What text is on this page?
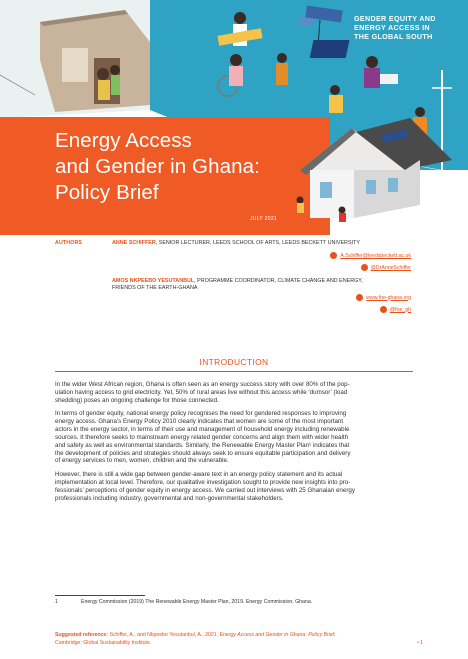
GENDER EQUITY AND
ENERGY ACCESS IN
THE GLOBAL SOUTH
Energy Access
and Gender in Ghana:
Policy Brief
JULY 2021
AUTHORS	ANNE SCHIFFER, SENIOR LECTURER, LEEDS SCHOOL OF ARTS, LEEDS BECKETT UNIVERSITY
A.Schiffer@leedsbeckett.ac.uk
@DrAnneSchiffer
AMOS NKPEEBO YESUTANBUL, PROGRAMME COORDINATOR, CLIMATE CHANGE AND ENERGY,
FRIENDS OF THE EARTH-GHANA
www.foe-ghana.org
@foe_gh
INTRODUCTION
In the wider West African region, Ghana is often seen as an energy success story with over 80% of the pop-
ulation having access to grid electricity. Yet, 50% of rural areas live without this access while ‘dumsor’ (load
shedding) poses an ongoing challenge for those connected.
In terms of gender equity, national energy policy recognises the need for gendered responses to improving
energy access. Ghana’s Energy Policy 2010 clearly indicates that women are some of the most important
actors in the energy sector, in terms of their use and management of household energy including renewable
sources. It therefore seeks to mainstream energy related gender concerns and align them with wider health
and safety as well as environmental standards. Similarly, the Renewable Energy Master Plan¹ indicates that
the development of policies and strategies should always seek to ensure equitable participation and delivery
of energy services to men, women, children and the vulnerable.
However, there is still a wide gap between gender-aware text in an energy policy statement and its actual
implementation at local level. Therefore, our qualitative investigation sought to provide new insights into pro-
fessionals’ perceptions of gender equity in energy access. We carried out interviews with 25 Ghanaian energy
professionals including industry, governmental and non-governmental stakeholders.
1	Energy Commission (2019) The Renewable Energy Master Plan, 2019. Energy Commission, Ghana.
Suggested reference: Schiffer, A., and Nkpeebo Yesutanbul, A., 2021. Energy Access and Gender in Ghana: Policy Brief.
Cambridge: Global Sustainability Institute.	• 1
